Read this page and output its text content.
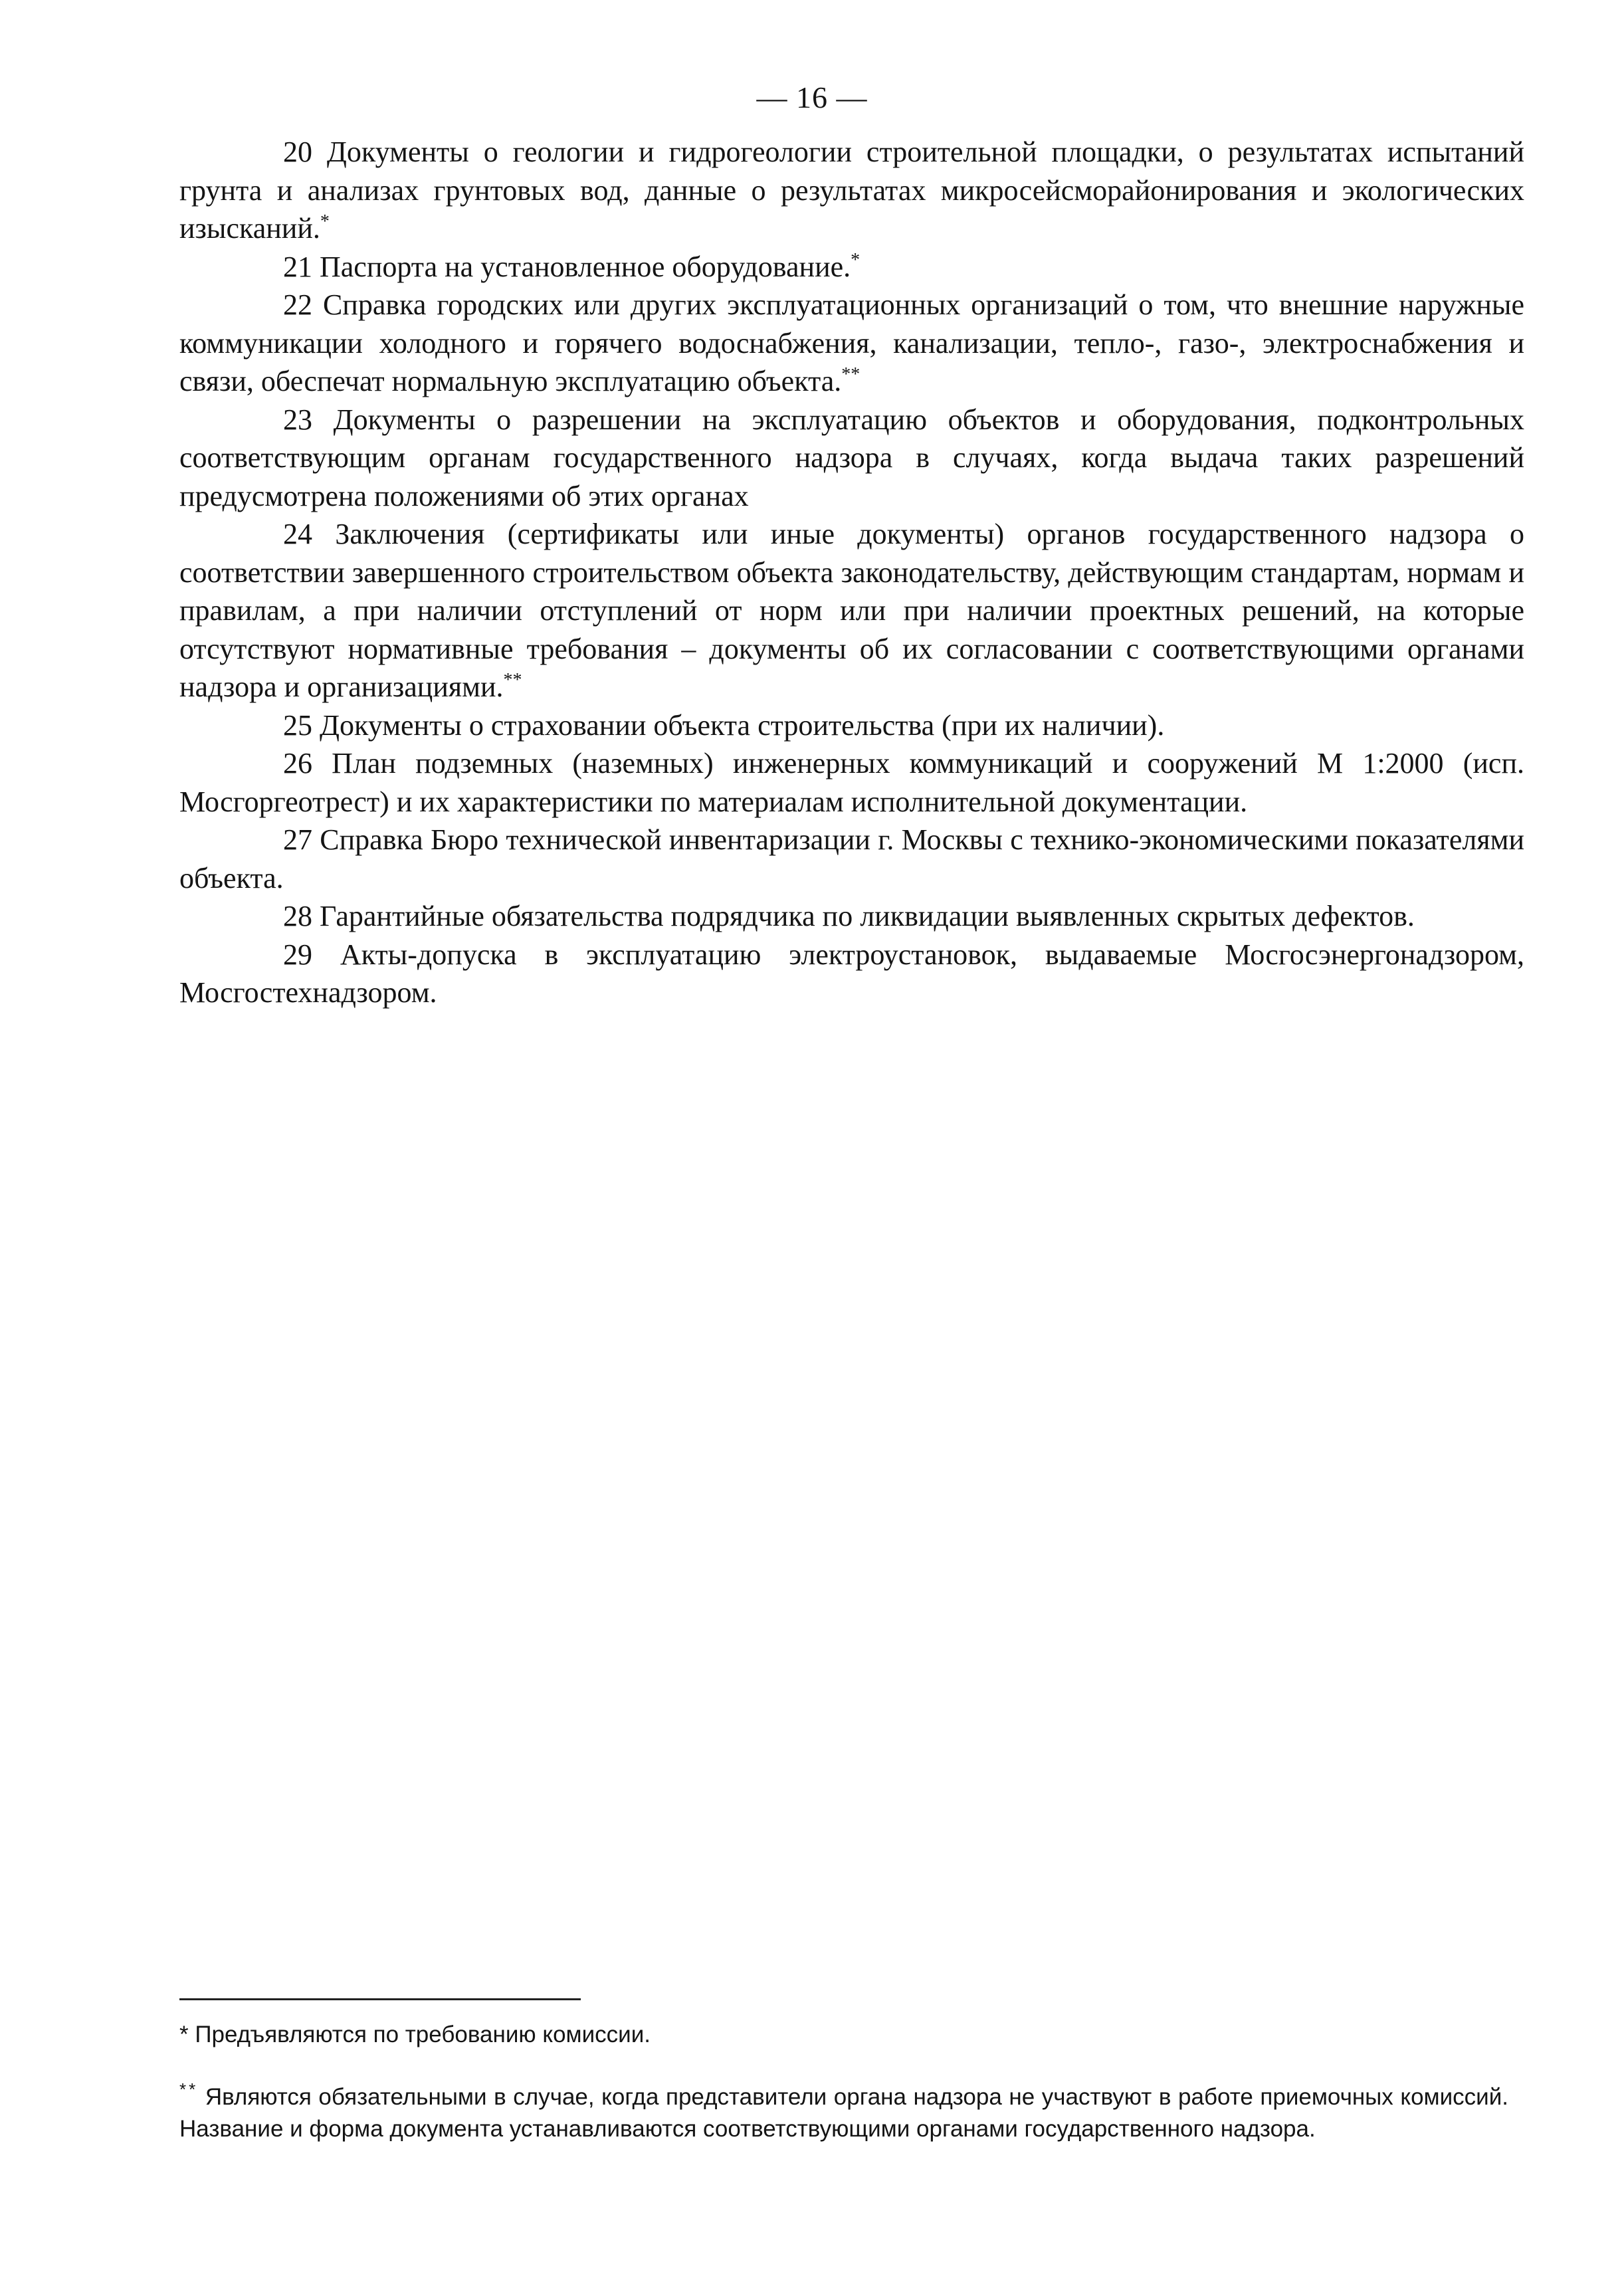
— 16 —

20 Документы о геологии и гидрогеологии строительной площадки, о результатах испытаний грунта и анализах грунтовых вод, данные о результатах микросейсморайонирования и экологических изысканий.*

21 Паспорта на установленное оборудование.*

22 Справка городских или других эксплуатационных организаций о том, что внешние наружные коммуникации холодного и горячего водоснабжения, канализации, тепло-, газо-, электроснабжения и связи, обеспечат нормальную эксплуатацию объекта.**

23 Документы о разрешении на эксплуатацию объектов и оборудования, подконтрольных соответствующим органам государственного надзора в случаях, когда выдача таких разрешений предусмотрена положениями об этих органах

24 Заключения (сертификаты или иные документы) органов государственного надзора о соответствии завершенного строительством объекта законодательству, действующим стандартам, нормам и правилам, а при наличии отступлений от норм или при наличии проектных решений, на которые отсутствуют нормативные требования – документы об их согласовании с соответствующими органами надзора и организациями.**

25 Документы о страховании объекта строительства (при их наличии).

26 План подземных (наземных) инженерных коммуникаций и сооружений М 1:2000 (исп. Мосгоргеотрест) и их характеристики по материалам исполнительной документации.

27 Справка Бюро технической инвентаризации г. Москвы с технико-экономическими показателями объекта.

28 Гарантийные обязательства подрядчика по ликвидации выявленных скрытых дефектов.

29 Акты-допуска в эксплуатацию электроустановок, выдаваемые Мосгосэнергонадзором, Мосгостехнадзором.

* Предъявляются по требованию комиссии.

** Являются обязательными в случае, когда представители органа надзора не участвуют в работе приемочных комиссий. Название и форма документа устанавливаются соответствующими органами государственного надзора.
